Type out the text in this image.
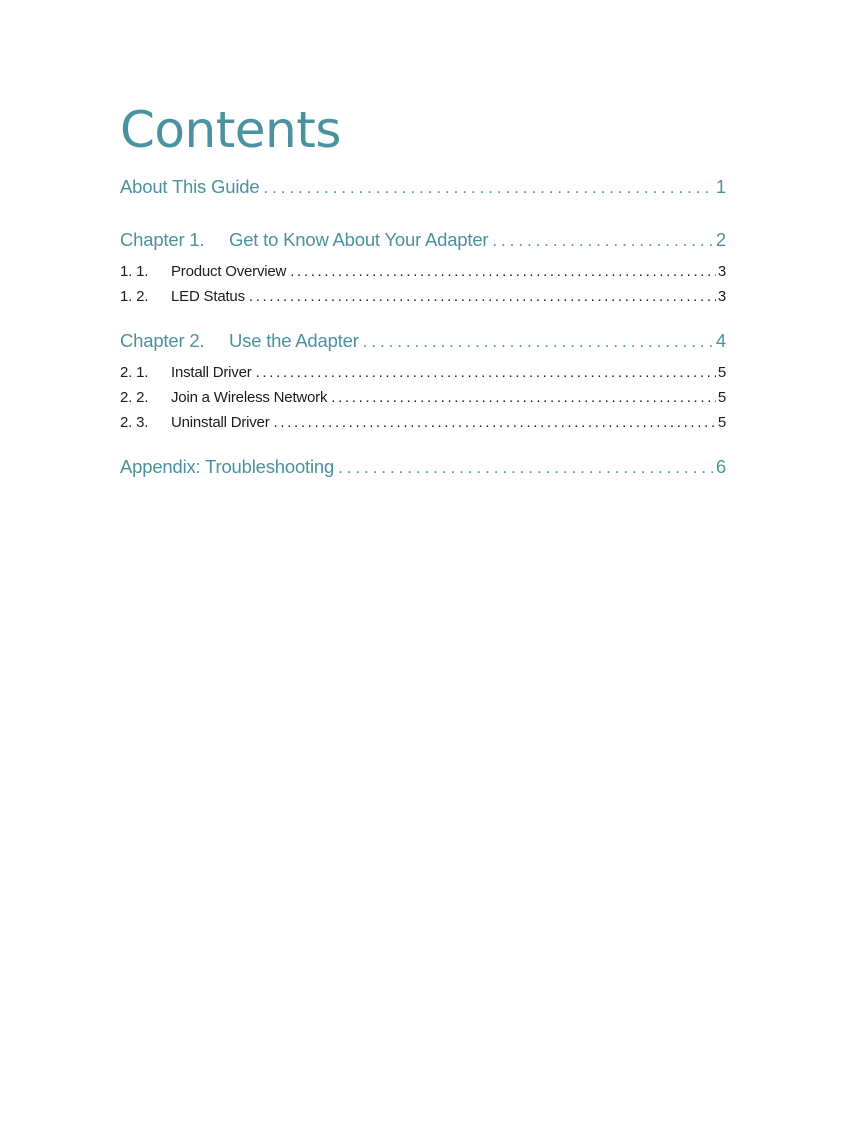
Contents
About This Guide . . .	1
Chapter 1.	Get to Know About Your Adapter . . .	2
1. 1.	Product Overview . . .	3
1. 2.	LED Status . . .	3
Chapter 2.	Use the Adapter . . .	4
2. 1.	Install Driver . . .	5
2. 2.	Join a Wireless Network . . .	5
2. 3.	Uninstall Driver . . .	5
Appendix: Troubleshooting . . .	6
